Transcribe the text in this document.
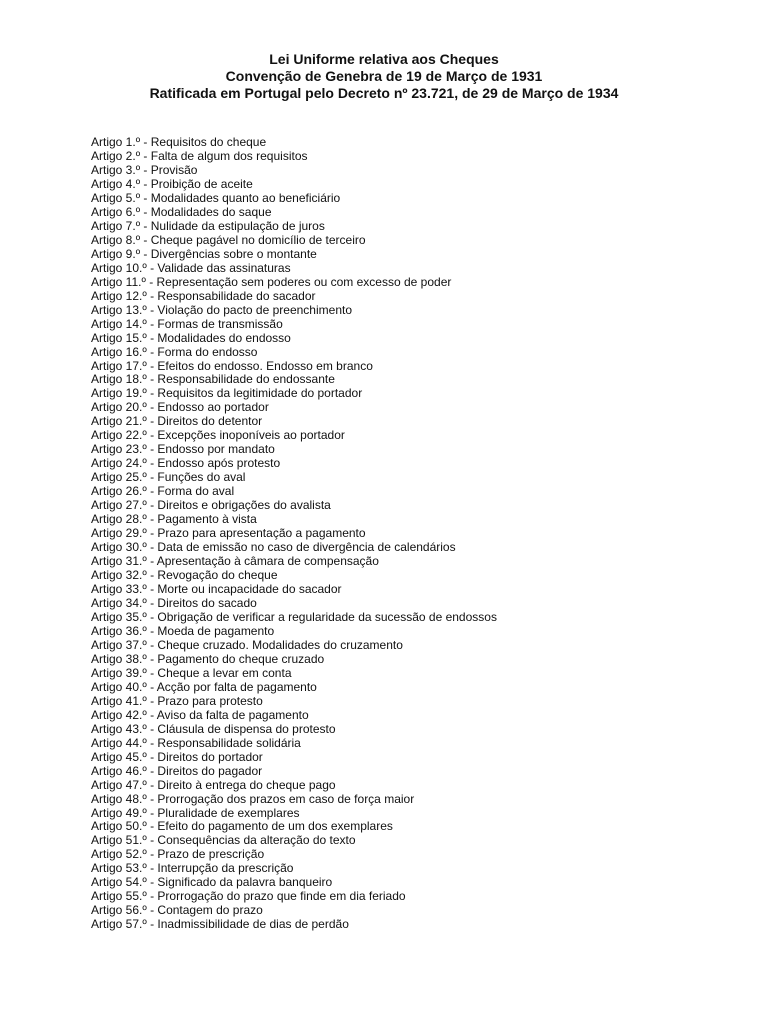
Lei Uniforme relativa aos Cheques
Convenção de Genebra de 19 de Março de 1931
Ratificada em Portugal pelo Decreto nº 23.721, de 29 de Março de 1934
Artigo 1.º - Requisitos do cheque
Artigo 2.º - Falta de algum dos requisitos
Artigo 3.º - Provisão
Artigo 4.º - Proibição de aceite
Artigo 5.º - Modalidades quanto ao beneficiário
Artigo 6.º - Modalidades do saque
Artigo 7.º - Nulidade da estipulação de juros
Artigo 8.º - Cheque pagável no domicílio de terceiro
Artigo 9.º - Divergências sobre o montante
Artigo 10.º - Validade das assinaturas
Artigo 11.º - Representação sem poderes ou com excesso de poder
Artigo 12.º - Responsabilidade do sacador
Artigo 13.º - Violação do pacto de preenchimento
Artigo 14.º - Formas de transmissão
Artigo 15.º - Modalidades do endosso
Artigo 16.º - Forma do endosso
Artigo 17.º - Efeitos do endosso. Endosso em branco
Artigo 18.º - Responsabilidade do endossante
Artigo 19.º - Requisitos da legitimidade do portador
Artigo 20.º - Endosso ao portador
Artigo 21.º - Direitos do detentor
Artigo 22.º - Excepções inoponíveis ao portador
Artigo 23.º - Endosso por mandato
Artigo 24.º - Endosso após protesto
Artigo 25.º - Funções do aval
Artigo 26.º - Forma do aval
Artigo 27.º - Direitos e obrigações do avalista
Artigo 28.º - Pagamento à vista
Artigo 29.º - Prazo para apresentação a pagamento
Artigo 30.º - Data de emissão no caso de divergência de calendários
Artigo 31.º - Apresentação à câmara de compensação
Artigo 32.º - Revogação do cheque
Artigo 33.º - Morte ou incapacidade do sacador
Artigo 34.º - Direitos do sacado
Artigo 35.º - Obrigação de verificar a regularidade da sucessão de endossos
Artigo 36.º - Moeda de pagamento
Artigo 37.º - Cheque cruzado. Modalidades do cruzamento
Artigo 38.º - Pagamento do cheque cruzado
Artigo 39.º - Cheque a levar em conta
Artigo 40.º - Acção por falta de pagamento
Artigo 41.º - Prazo para protesto
Artigo 42.º - Aviso da falta de pagamento
Artigo 43.º - Cláusula de dispensa do protesto
Artigo 44.º - Responsabilidade solidária
Artigo 45.º - Direitos do portador
Artigo 46.º - Direitos do pagador
Artigo 47.º - Direito à entrega do cheque pago
Artigo 48.º - Prorrogação dos prazos em caso de força maior
Artigo 49.º - Pluralidade de exemplares
Artigo 50.º - Efeito do pagamento de um dos exemplares
Artigo 51.º - Consequências da alteração do texto
Artigo 52.º - Prazo de prescrição
Artigo 53.º - Interrupção da prescrição
Artigo 54.º - Significado da palavra banqueiro
Artigo 55.º - Prorrogação do prazo que finde em dia feriado
Artigo 56.º - Contagem do prazo
Artigo 57.º - Inadmissibilidade de dias de perdão
